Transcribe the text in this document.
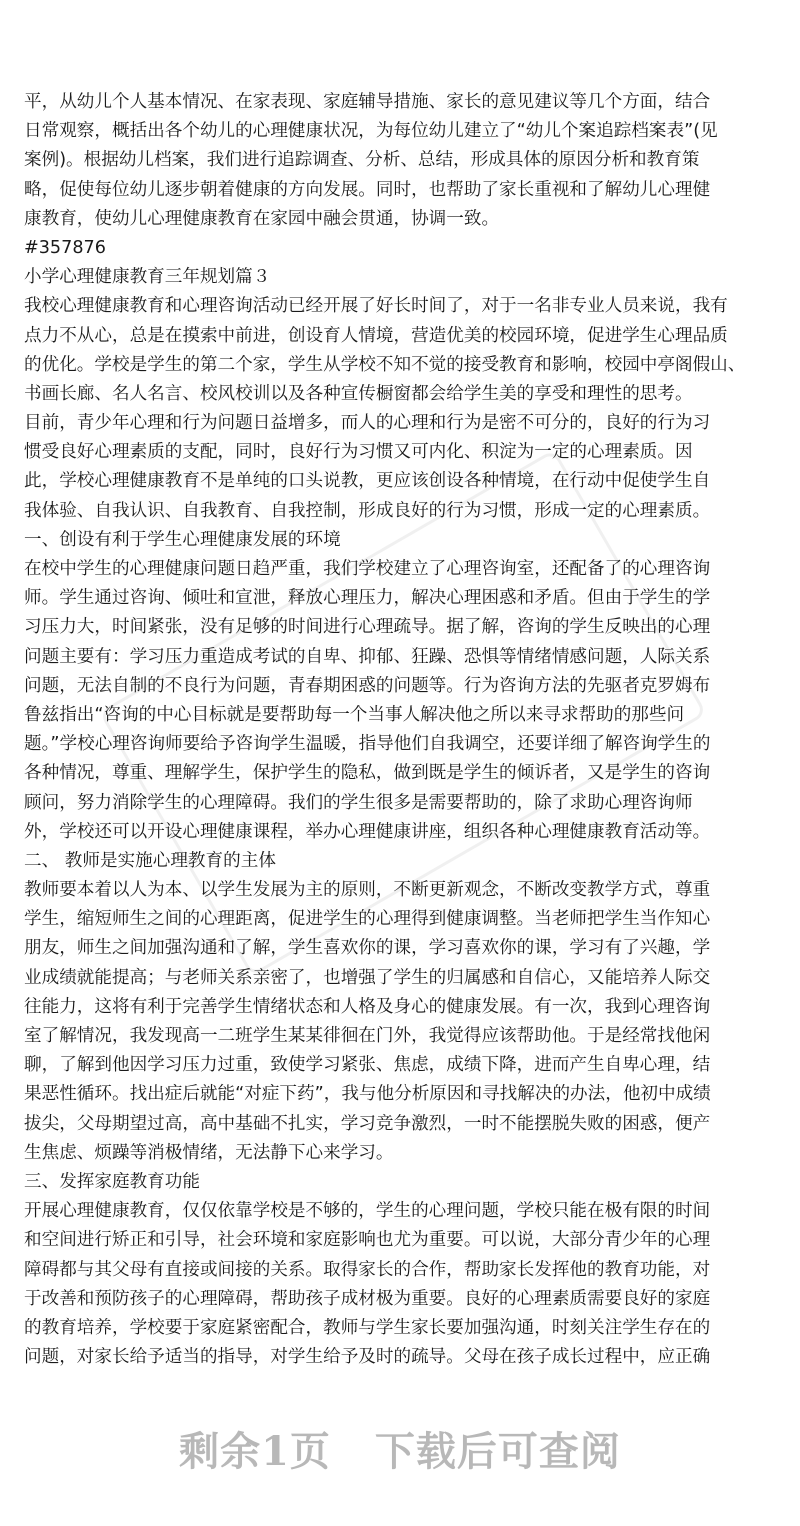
平，从幼儿个人基本情况、在家表现、家庭辅导措施、家长的意见建议等几个方面，结合
日常观察，概括出各个幼儿的心理健康状况，为每位幼儿建立了“幼儿个案追踪档案表”(见
案例)。根据幼儿档案，我们进行追踪调查、分析、总结，形成具体的原因分析和教育策
略，促使每位幼儿逐步朝着健康的方向发展。同时，也帮助了家长重视和了解幼儿心理健
康教育，使幼儿心理健康教育在家园中融会贯通，协调一致。
#357876
小学心理健康教育三年规划篇３
我校心理健康教育和心理咨询活动已经开展了好长时间了，对于一名非专业人员来说，我有
点力不从心，总是在摸索中前进，创设育人情境，营造优美的校园环境，促进学生心理品质
的优化。学校是学生的第二个家，学生从学校不知不觉的接受教育和影响，校园中亭阁假山、
书画长廊、名人名言、校风校训以及各种宣传橱窗都会给学生美的享受和理性的思考。
目前，青少年心理和行为问题日益增多，而人的心理和行为是密不可分的，良好的行为习
惯受良好心理素质的支配，同时，良好行为习惯又可内化、积淀为一定的心理素质。因
此，学校心理健康教育不是单纯的口头说教，更应该创设各种情境，在行动中促使学生自
我体验、自我认识、自我教育、自我控制，形成良好的行为习惯，形成一定的心理素质。
一、创设有利于学生心理健康发展的环境
在校中学生的心理健康问题日趋严重，我们学校建立了心理咨询室，还配备了的心理咨询
师。学生通过咨询、倾吐和宣泄，释放心理压力，解决心理困惑和矛盾。但由于学生的学
习压力大，时间紧张，没有足够的时间进行心理疏导。据了解，咨询的学生反映出的心理
问题主要有：学习压力重造成考试的自卑、抑郁、狂躁、恐惧等情绪情感问题，人际关系
问题，无法自制的不良行为问题，青春期困惑的问题等。行为咨询方法的先驱者克罗姆布
鲁兹指出“咨询的中心目标就是要帮助每一个当事人解决他之所以来寻求帮助的那些问
题。”学校心理咨询师要给予咨询学生温暖，指导他们自我调空，还要详细了解咨询学生的
各种情况，尊重、理解学生，保护学生的隐私，做到既是学生的倾诉者，又是学生的咨询
顾问，努力消除学生的心理障碍。我们的学生很多是需要帮助的，除了求助心理咨询师
外，学校还可以开设心理健康课程，举办心理健康讲座，组织各种心理健康教育活动等。
二、 教师是实施心理教育的主体
教师要本着以人为本、以学生发展为主的原则，不断更新观念，不断改变教学方式，尊重
学生，缩短师生之间的心理距离，促进学生的心理得到健康调整。当老师把学生当作知心
朋友，师生之间加强沟通和了解，学生喜欢你的课，学习喜欢你的课，学习有了兴趣，学
业成绩就能提高；与老师关系亲密了，也增强了学生的归属感和自信心，又能培养人际交
往能力，这将有利于完善学生情绪状态和人格及身心的健康发展。有一次，我到心理咨询
室了解情况，我发现高一二班学生某某徘徊在门外，我觉得应该帮助他。于是经常找他闲
聊，了解到他因学习压力过重，致使学习紧张、焦虑，成绩下降，进而产生自卑心理，结
果恶性循环。找出症后就能“对症下药”，我与他分析原因和寻找解决的办法，他初中成绩
拔尖，父母期望过高，高中基础不扎实，学习竞争激烈，一时不能摆脱失败的困惑，便产
生焦虑、烦躁等消极情绪，无法静下心来学习。
三、发挥家庭教育功能
开展心理健康教育，仅仅依靠学校是不够的，学生的心理问题，学校只能在极有限的时间
和空间进行矫正和引导，社会环境和家庭影响也尤为重要。可以说，大部分青少年的心理
障碍都与其父母有直接或间接的关系。取得家长的合作，帮助家长发挥他的教育功能，对
于改善和预防孩子的心理障碍，帮助孩子成材极为重要。良好的心理素质需要良好的家庭
的教育培养，学校要于家庭紧密配合，教师与学生家长要加强沟通，时刻关注学生存在的
问题，对家长给予适当的指导，对学生给予及时的疏导。父母在孩子成长过程中，应正确
剩余1页 下载后可查阅
